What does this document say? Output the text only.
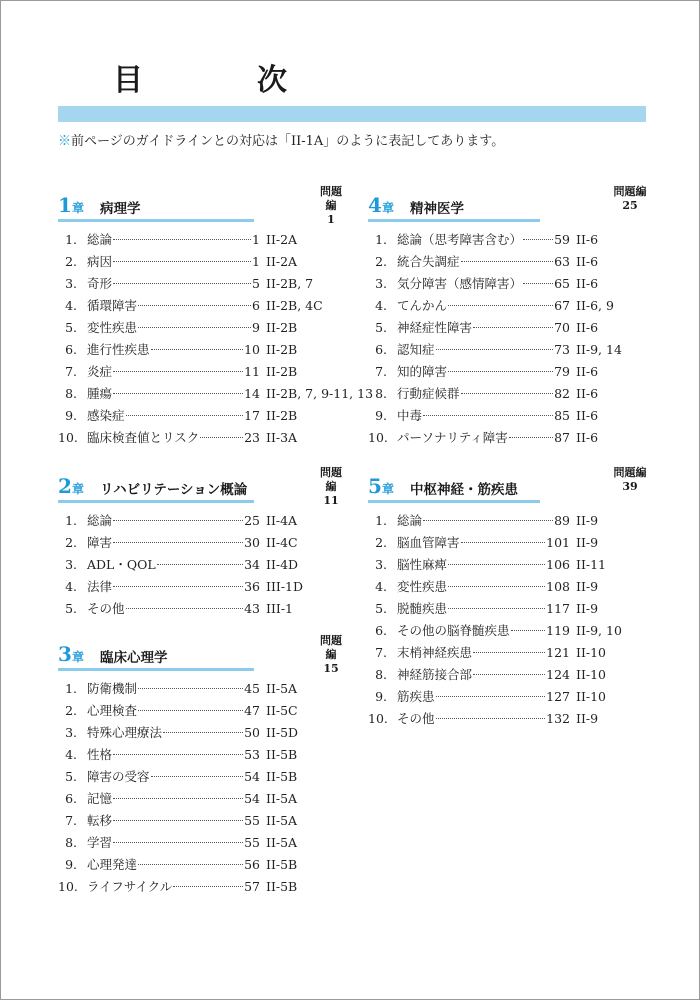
目　次
※前ページのガイドラインとの対応は「II-1A」のように表記してあります。
1 章 病理学
問題編
1
1. 総論	1 II-2A
2. 病因	1 II-2A
3. 奇形	5 II-2B, 7
4. 循環障害	6 II-2B, 4C
5. 変性疾患	9 II-2B
6. 進行性疾患	10 II-2B
7. 炎症	11 II-2B
8. 腫瘍	14 II-2B, 7, 9-11, 13
9. 感染症	17 II-2B
10. 臨床検査値とリスク	23 II-3A
2 章 リハビリテーション概論
問題編
11
1. 総論	25 II-4A
2. 障害	30 II-4C
3. ADL・QOL	34 II-4D
4. 法律	36 III-1D
5. その他	43 III-1
3 章 臨床心理学
問題編
15
1. 防衛機制	45 II-5A
2. 心理検査	47 II-5C
3. 特殊心理療法	50 II-5D
4. 性格	53 II-5B
5. 障害の受容	54 II-5B
6. 記憶	54 II-5A
7. 転移	55 II-5A
8. 学習	55 II-5A
9. 心理発達	56 II-5B
10. ライフサイクル	57 II-5B
4 章 精神医学
問題編
25
1. 総論（思考障害含む）	59 II-6
2. 統合失調症	63 II-6
3. 気分障害（感情障害）	65 II-6
4. てんかん	67 II-6, 9
5. 神経症性障害	70 II-6
6. 認知症	73 II-9, 14
7. 知的障害	79 II-6
8. 行動症候群	82 II-6
9. 中毒	85 II-6
10. パーソナリティ障害	87 II-6
5 章 中枢神経・筋疾患
問題編
39
1. 総論	89 II-9
2. 脳血管障害	101 II-9
3. 脳性麻痺	106 II-11
4. 変性疾患	108 II-9
5. 脱髄疾患	117 II-9
6. その他の脳脊髄疾患	119 II-9, 10
7. 末梢神経疾患	121 II-10
8. 神経筋接合部	124 II-10
9. 筋疾患	127 II-10
10. その他	132 II-9
